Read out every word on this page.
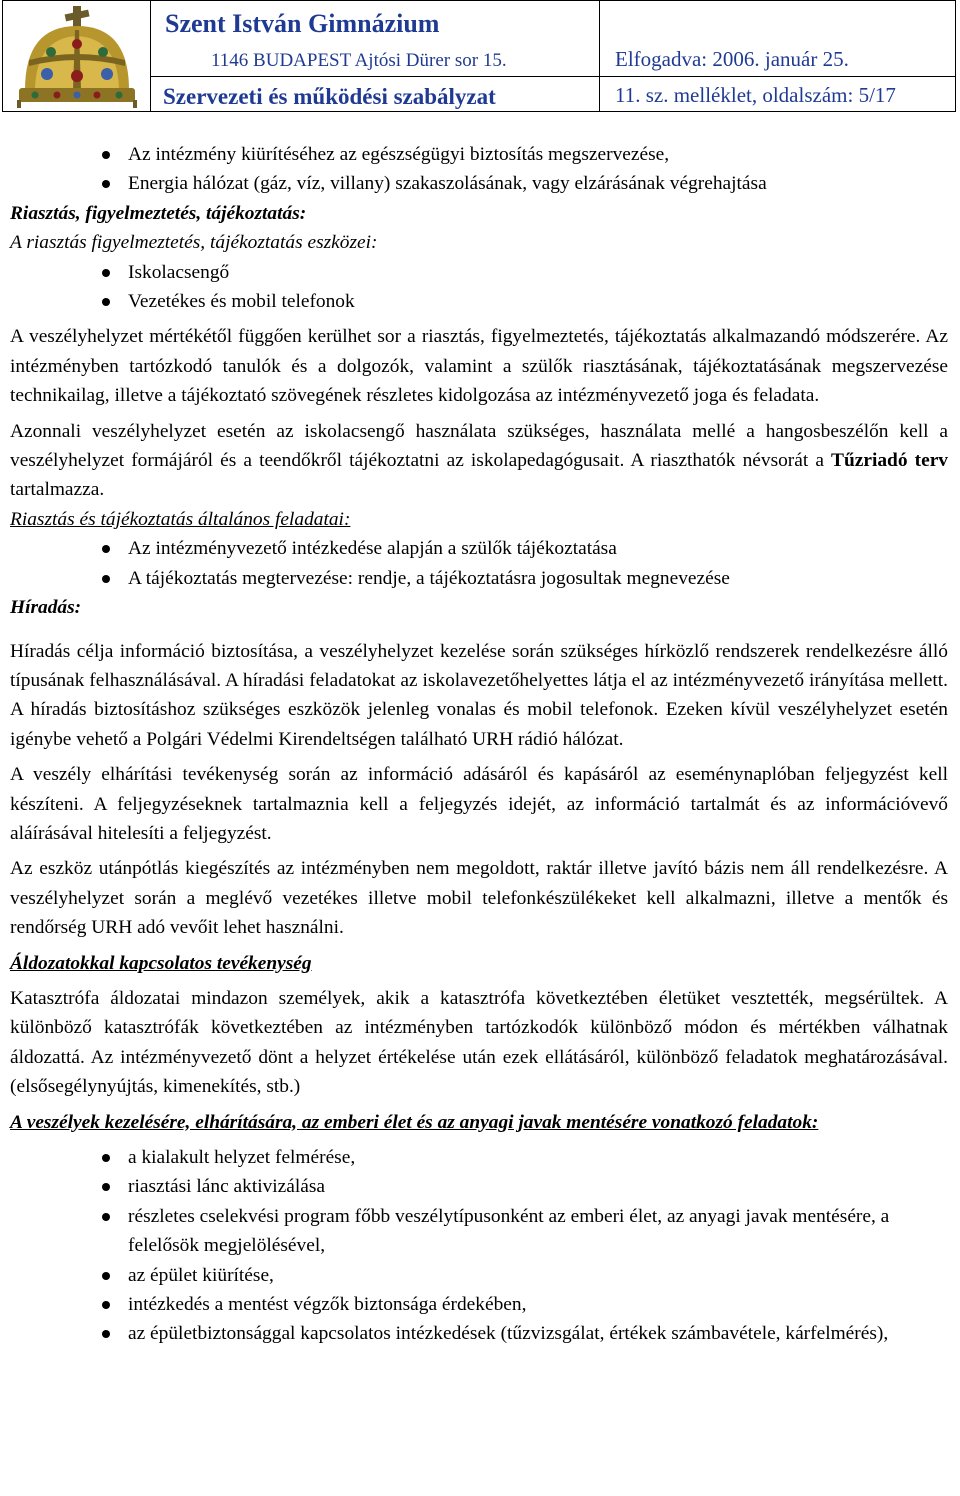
Szent István Gimnázium
1146 BUDAPEST Ajtósi Dürer sor 15.	Elfogadva: 2006. január 25.
Szervezeti és működési szabályzat	11. sz. melléklet, oldalszám: 5/17
Az intézmény kiürítéséhez az egészségügyi biztosítás megszervezése,
Energia hálózat (gáz, víz, villany) szakaszolásának, vagy elzárásának végrehajtása

Riasztás, figyelmeztetés, tájékoztatás:

A riasztás figyelmeztetés, tájékoztatás eszközei:

Iskolacsengő
Vezetékes és mobil telefonok

A veszélyhelyzet mértékétől függően kerülhet sor a riasztás, figyelmeztetés, tájékoztatás alkalmazandó módszerére. Az intézményben tartózkodó tanulók és a dolgozók, valamint a szülők riasztásának, tájékoztatásának megszervezése technikailag, illetve a tájékoztató szövegének részletes kidolgozása az intézményvezető joga és feladata.

Azonnali veszélyhelyzet esetén az iskolacsengő használata szükséges, használata mellé a hangosbeszélőn kell a veszélyhelyzet formájáról és a teendőkről tájékoztatni az iskolapedagógusait. A riaszthatók névsorát a Tűzriadó terv tartalmazza.

Riasztás és tájékoztatás általános feladatai:

Az intézményvezető intézkedése alapján a szülők tájékoztatása
A tájékoztatás megtervezése: rendje, a tájékoztatásra jogosultak megnevezése

Híradás:

Híradás célja információ biztosítása, a veszélyhelyzet kezelése során szükséges hírközlő rendszerek rendelkezésre álló típusának felhasználásával. A híradási feladatokat az iskolavezetőhelyettes látja el az intézményvezető irányítása mellett. A híradás biztosításhoz szükséges eszközök jelenleg vonalas és mobil telefonok. Ezeken kívül veszélyhelyzet esetén igénybe vehető a Polgári Védelmi Kirendeltségen található URH rádió hálózat.

A veszély elhárítási tevékenység során az információ adásáról és kapásáról az eseménynaplóban feljegyzést kell készíteni. A feljegyzéseknek tartalmaznia kell a feljegyzés idejét, az információ tartalmát és az információvevő aláírásával hitelesíti a feljegyzést.

Az eszköz utánpótlás kiegészítés az intézményben nem megoldott, raktár illetve javító bázis nem áll rendelkezésre. A veszélyhelyzet során a meglévő vezetékes illetve mobil telefonkészülékeket kell alkalmazni, illetve a mentők és rendőrség URH adó vevőit lehet használni.

Áldozatokkal kapcsolatos tevékenység

Katasztrófa áldozatai mindazon személyek, akik a katasztrófa következtében életüket vesztették, megsérültek. A különböző katasztrófák következtében az intézményben tartózkodók különböző módon és mértékben válhatnak áldozattá. Az intézményvezető dönt a helyzet értékelése után ezek ellátásáról, különböző feladatok meghatározásával. (elsősegélynyújtás, kimenekítés, stb.)

A veszélyek kezelésére, elhárítására, az emberi élet és az anyagi javak mentésére vonatkozó feladatok:

a kialakult helyzet felmérése,
riasztási lánc aktivizálása
részletes cselekvési program főbb veszélytípusonként az emberi élet, az anyagi javak mentésére, a felelősök megjelölésével,
az épület kiürítése,
intézkedés a mentést végzők biztonsága érdekében,
az épületbiztonsággal kapcsolatos intézkedések (tűzvizsgálat, értékek számbavétele, kárfelmérés),
